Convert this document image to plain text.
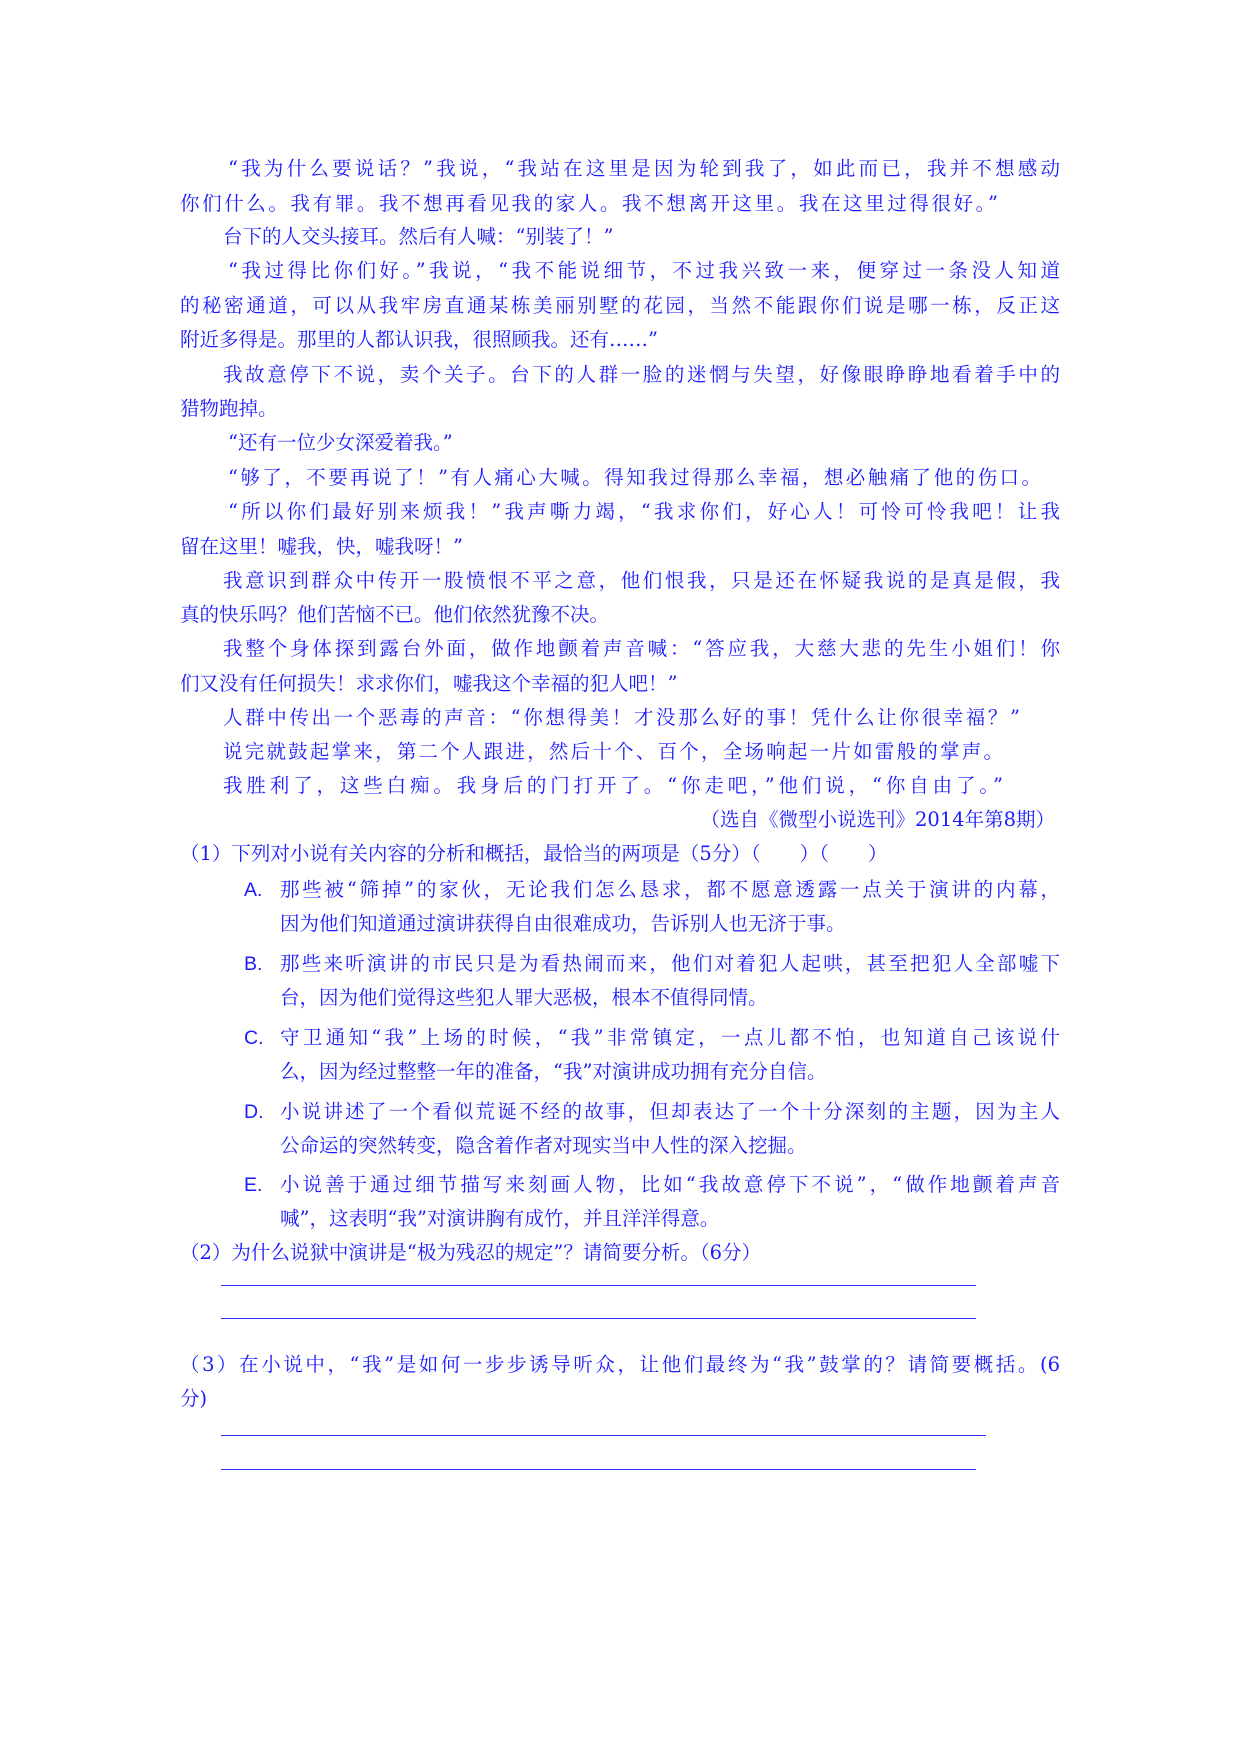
“我为什么要说话？”我说，“我站在这里是因为轮到我了，如此而已，我并不想感动

你们什么。我有罪。我不想再看见我的家人。我不想离开这里。我在这里过得很好。”

台下的人交头接耳。然后有人喊：“别装了！”

“我过得比你们好。”我说，“我不能说细节，不过我兴致一来，便穿过一条没人知道

的秘密通道，可以从我牢房直通某栋美丽别墅的花园，当然不能跟你们说是哪一栋，反正这

附近多得是。那里的人都认识我，很照顾我。还有……”

我故意停下不说，卖个关子。台下的人群一脸的迷惘与失望，好像眼睁睁地看着手中的

猎物跑掉。

“还有一位少女深爱着我。”

“够了，不要再说了！”有人痛心大喊。得知我过得那么幸福，想必触痛了他的伤口。

“所以你们最好别来烦我！”我声嘶力竭，“我求你们，好心人！可怜可怜我吧！让我

留在这里！嘘我，快，嘘我呀！”

我意识到群众中传开一股愤恨不平之意，他们恨我，只是还在怀疑我说的是真是假，我

真的快乐吗？他们苦恼不已。他们依然犹豫不决。

我整个身体探到露台外面，做作地颤着声音喊：“答应我，大慈大悲的先生小姐们！你

们又没有任何损失！求求你们，嘘我这个幸福的犯人吧！”

人群中传出一个恶毒的声音：“你想得美！才没那么好的事！凭什么让你很幸福？”

说完就鼓起掌来，第二个人跟进，然后十个、百个，全场响起一片如雷般的掌声。

我胜利了，这些白痴。我身后的门打开了。“你走吧，”他们说，“你自由了。”

（选自《微型小说选刊》2014年第8期）

（1）下列对小说有关内容的分析和概括，最恰当的两项是（5分）（　　）（　　）

A. 那些被“筛掉”的家伙，无论我们怎么恳求，都不愿意透露一点关于演讲的内幕，

因为他们知道通过演讲获得自由很难成功，告诉别人也无济于事。

B. 那些来听演讲的市民只是为看热闹而来，他们对着犯人起哄，甚至把犯人全部嘘下

台，因为他们觉得这些犯人罪大恶极，根本不值得同情。

C. 守卫通知“我”上场的时候，“我”非常镇定，一点儿都不怕，也知道自己该说什

么，因为经过整整一年的准备，“我”对演讲成功拥有充分自信。

D. 小说讲述了一个看似荒诞不经的故事，但却表达了一个十分深刻的主题，因为主人

公命运的突然转变，隐含着作者对现实当中人性的深入挖掘。

E. 小说善于通过细节描写来刻画人物，比如“我故意停下不说”，“做作地颤着声音

喊”，这表明“我”对演讲胸有成竹，并且洋洋得意。

（2）为什么说狱中演讲是“极为残忍的规定”？请简要分析。（6分）

（3）在小说中，“我”是如何一步步诱导听众，让他们最终为“我”鼓掌的？请简要概括。(6

分)
